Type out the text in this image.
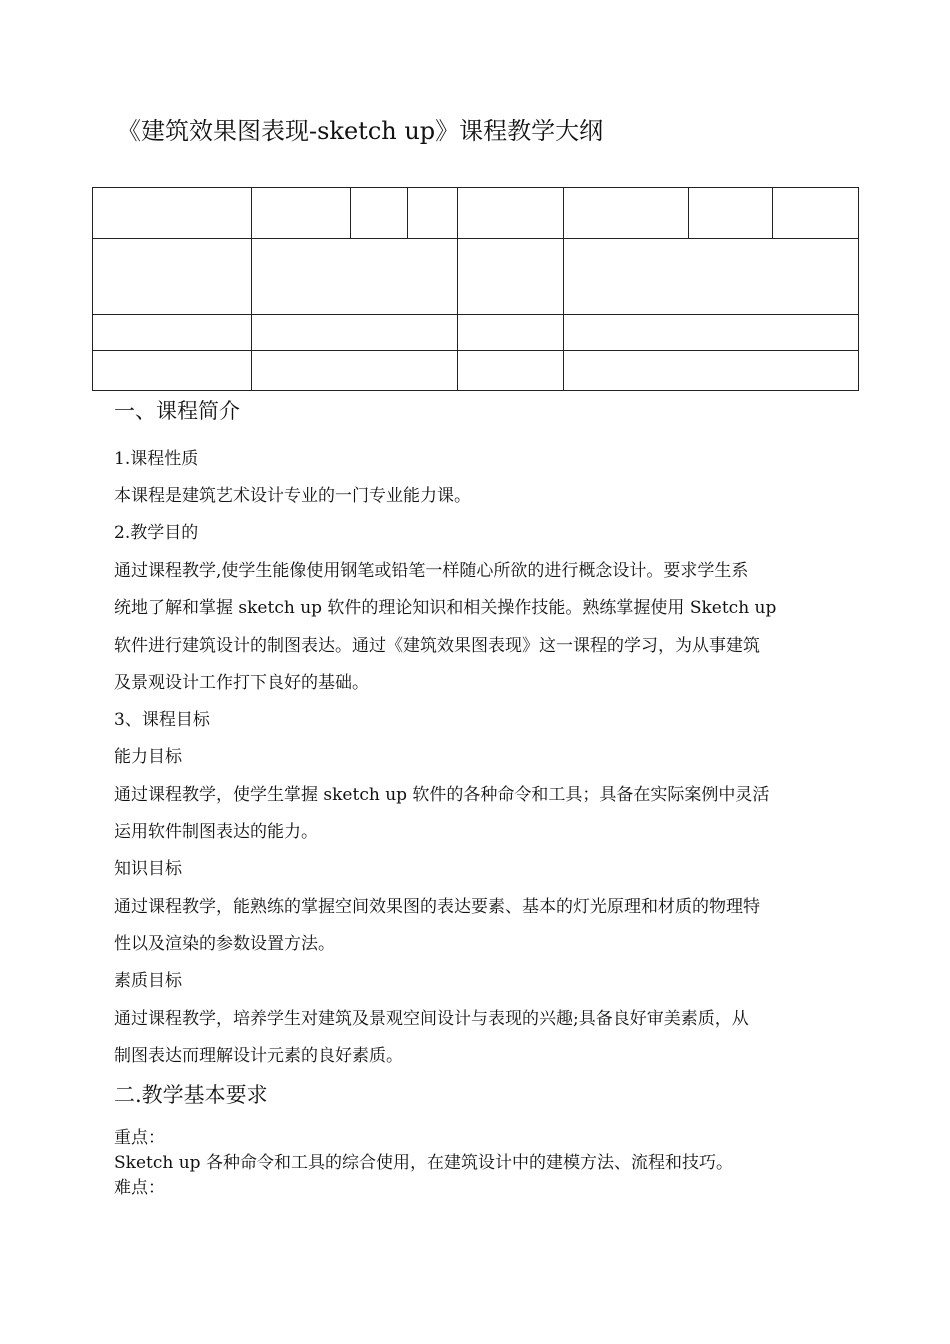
《建筑效果图表现-sketch up》课程教学大纲

一、课程简介
1.课程性质
本课程是建筑艺术设计专业的一门专业能力课。
2.教学目的
通过课程教学,使学生能像使用钢笔或铅笔一样随心所欲的进行概念设计。要求学生系
统地了解和掌握 sketch up 软件的理论知识和相关操作技能。熟练掌握使用 Sketch up
软件进行建筑设计的制图表达。通过《建筑效果图表现》这一课程的学习，为从事建筑
及景观设计工作打下良好的基础。
3、课程目标
能力目标
通过课程教学，使学生掌握 sketch up 软件的各种命令和工具；具备在实际案例中灵活
运用软件制图表达的能力。
知识目标
通过课程教学，能熟练的掌握空间效果图的表达要素、基本的灯光原理和材质的物理特
性以及渲染的参数设置方法。
素质目标
通过课程教学，培养学生对建筑及景观空间设计与表现的兴趣;具备良好审美素质，从
制图表达而理解设计元素的良好素质。
二.教学基本要求
重点：
Sketch up 各种命令和工具的综合使用，在建筑设计中的建模方法、流程和技巧。
难点：
